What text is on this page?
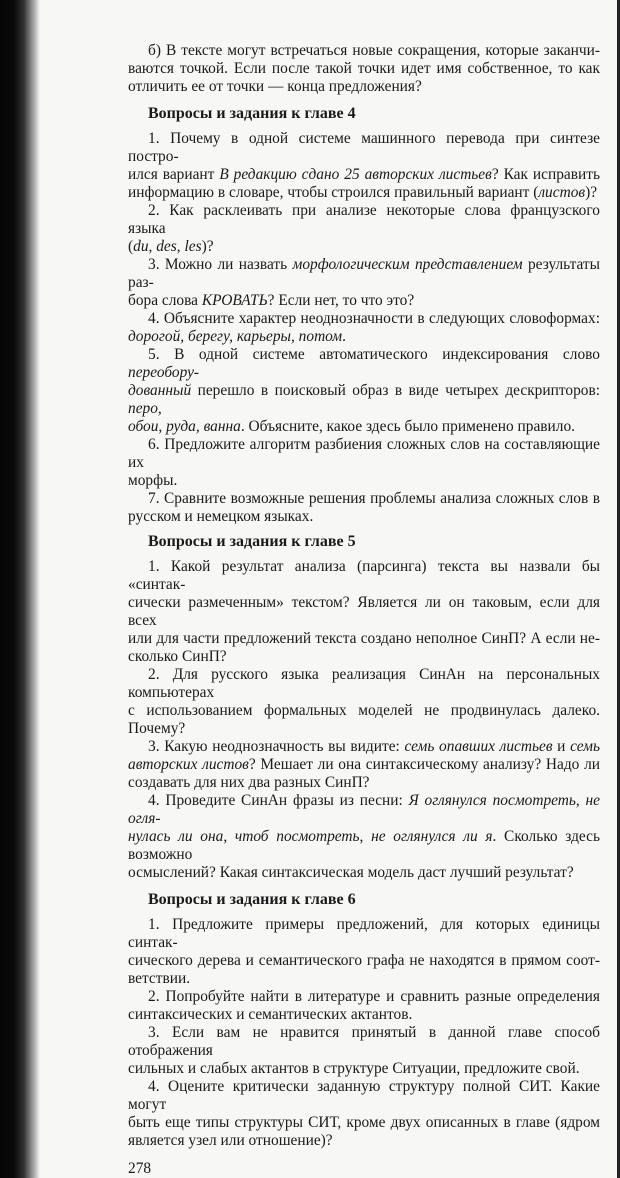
б) В тексте могут встречаться новые сокращения, которые заканчи-
ваются точкой. Если после такой точки идет имя собственное, то как
отличить ее от точки — конца предложения?
Вопросы и задания к главе 4
1. Почему в одной системе машинного перевода при синтезе постро-
ился вариант В редакцию сдано 25 авторских листьев? Как исправить
информацию в словаре, чтобы строился правильный вариант (листов)?
2. Как расклеивать при анализе некоторые слова французского языка
(du, des, les)?
3. Можно ли назвать морфологическим представлением результаты раз-
бора слова КРОВАТЬ? Если нет, то что это?
4. Объясните характер неоднозначности в следующих словоформах:
дорогой, берегу, карьеры, потом.
5. В одной системе автоматического индексирования слово переобору-
дованный перешло в поисковый образ в виде четырех дескрипторов: перо,
обои, руда, ванна. Объясните, какое здесь было применено правило.
6. Предложите алгоритм разбиения сложных слов на составляющие их
морфы.
7. Сравните возможные решения проблемы анализа сложных слов в
русском и немецком языках.
Вопросы и задания к главе 5
1. Какой результат анализа (парсинга) текста вы назвали бы «синтак-
сически размеченным» текстом? Является ли он таковым, если для всех
или для части предложений текста создано неполное СинП? А если не-
сколько СинП?
2. Для русского языка реализация СинАн на персональных компьютерах
с использованием формальных моделей не продвинулась далеко. Почему?
3. Какую неоднозначность вы видите: семь опавших листьев и семь
авторских листов? Мешает ли она синтаксическому анализу? Надо ли
создавать для них два разных СинП?
4. Проведите СинАн фразы из песни: Я оглянулся посмотреть, не огля-
нулась ли она, чтоб посмотреть, не оглянулся ли я. Сколько здесь возможно
осмыслений? Какая синтаксическая модель даст лучший результат?
Вопросы и задания к главе 6
1. Предложите примеры предложений, для которых единицы синтак-
сического дерева и семантического графа не находятся в прямом соот-
ветствии.
2. Попробуйте найти в литературе и сравнить разные определения
синтаксических и семантических актантов.
3. Если вам не нравится принятый в данной главе способ отображения
сильных и слабых актантов в структуре Ситуации, предложите свой.
4. Оцените критически заданную структуру полной СИТ. Какие могут
быть еще типы структуры СИТ, кроме двух описанных в главе (ядром
является узел или отношение)?
278
